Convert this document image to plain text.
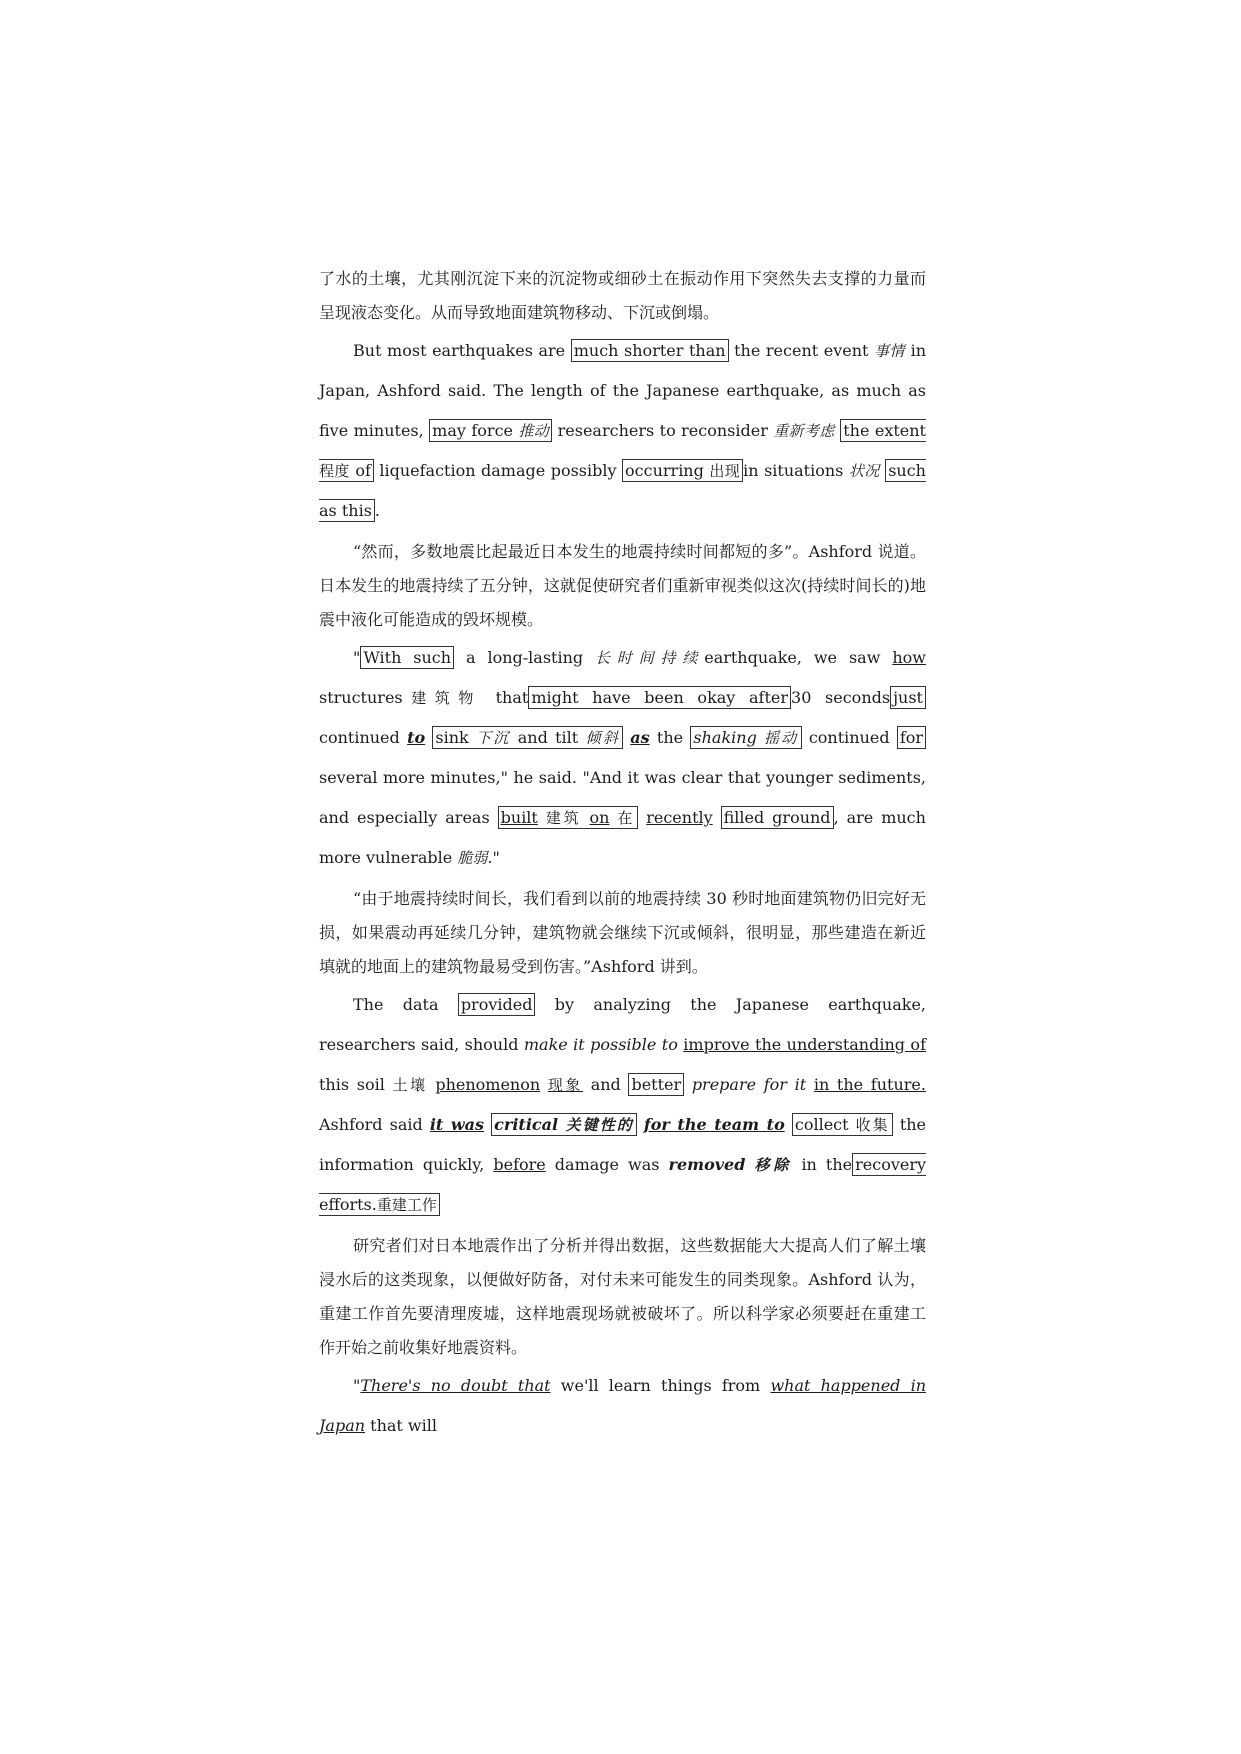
了水的土壤，尤其刚沉淀下来的沉淀物或细砂土在振动作用下突然失去支撑的力量而呈现液态变化。从而导致地面建筑物移动、下沉或倒塌。

But most earthquakes are much shorter than the recent event 事情 in Japan, Ashford said. The length of the Japanese earthquake, as much as five minutes, may force 推动 researchers to reconsider 重新考虑 the extent 程度 of liquefaction damage possibly occurring 出现 in situations 状况 such as this .

“然而，多数地震比起最近日本发生的地震持续时间都短的多”。Ashford 说道。日本发生的地震持续了五分钟，这就促使研究者们重新审视类似这次(持续时间长的)地震中液化可能造成的毁坏规模。

" With such a long-lasting 长时间持续earthquake, we saw how structures建筑物 that might have been okay after 30 seconds just continued to sink 下沉 and tilt 倾斜 as the shaking 摇动 continued for several more minutes," he said. "And it was clear that younger sediments, and especially areas built 建筑 on 在 recently filled ground , are much more vulnerable 脆弱."

“由于地震持续时间长，我们看到以前的地震持续 30 秒时地面建筑物仍旧完好无损，如果震动再延续几分钟，建筑物就会继续下沉或倾斜，很明显，那些建造在新近填就的地面上的建筑物最易受到伤害。”Ashford 讲到。

The data provided by analyzing the Japanese earthquake, researchers said, should make it possible to improve the understanding of this soil 土壤 phenomenon 现象 and better prepare for it in the future. Ashford said it was critical 关键性的 for the team to collect 收集 the information quickly, before damage was removed 移除 in the recovery efforts.重建工作

研究者们对日本地震作出了分析并得出数据，这些数据能大大提高人们了解土壤浸水后的这类现象，以便做好防备，对付未来可能发生的同类现象。Ashford 认为，重建工作首先要清理废墟，这样地震现场就被破坏了。所以科学家必须要赶在重建工作开始之前收集好地震资料。

"There's no doubt that we'll learn things from what happened in Japan that will
